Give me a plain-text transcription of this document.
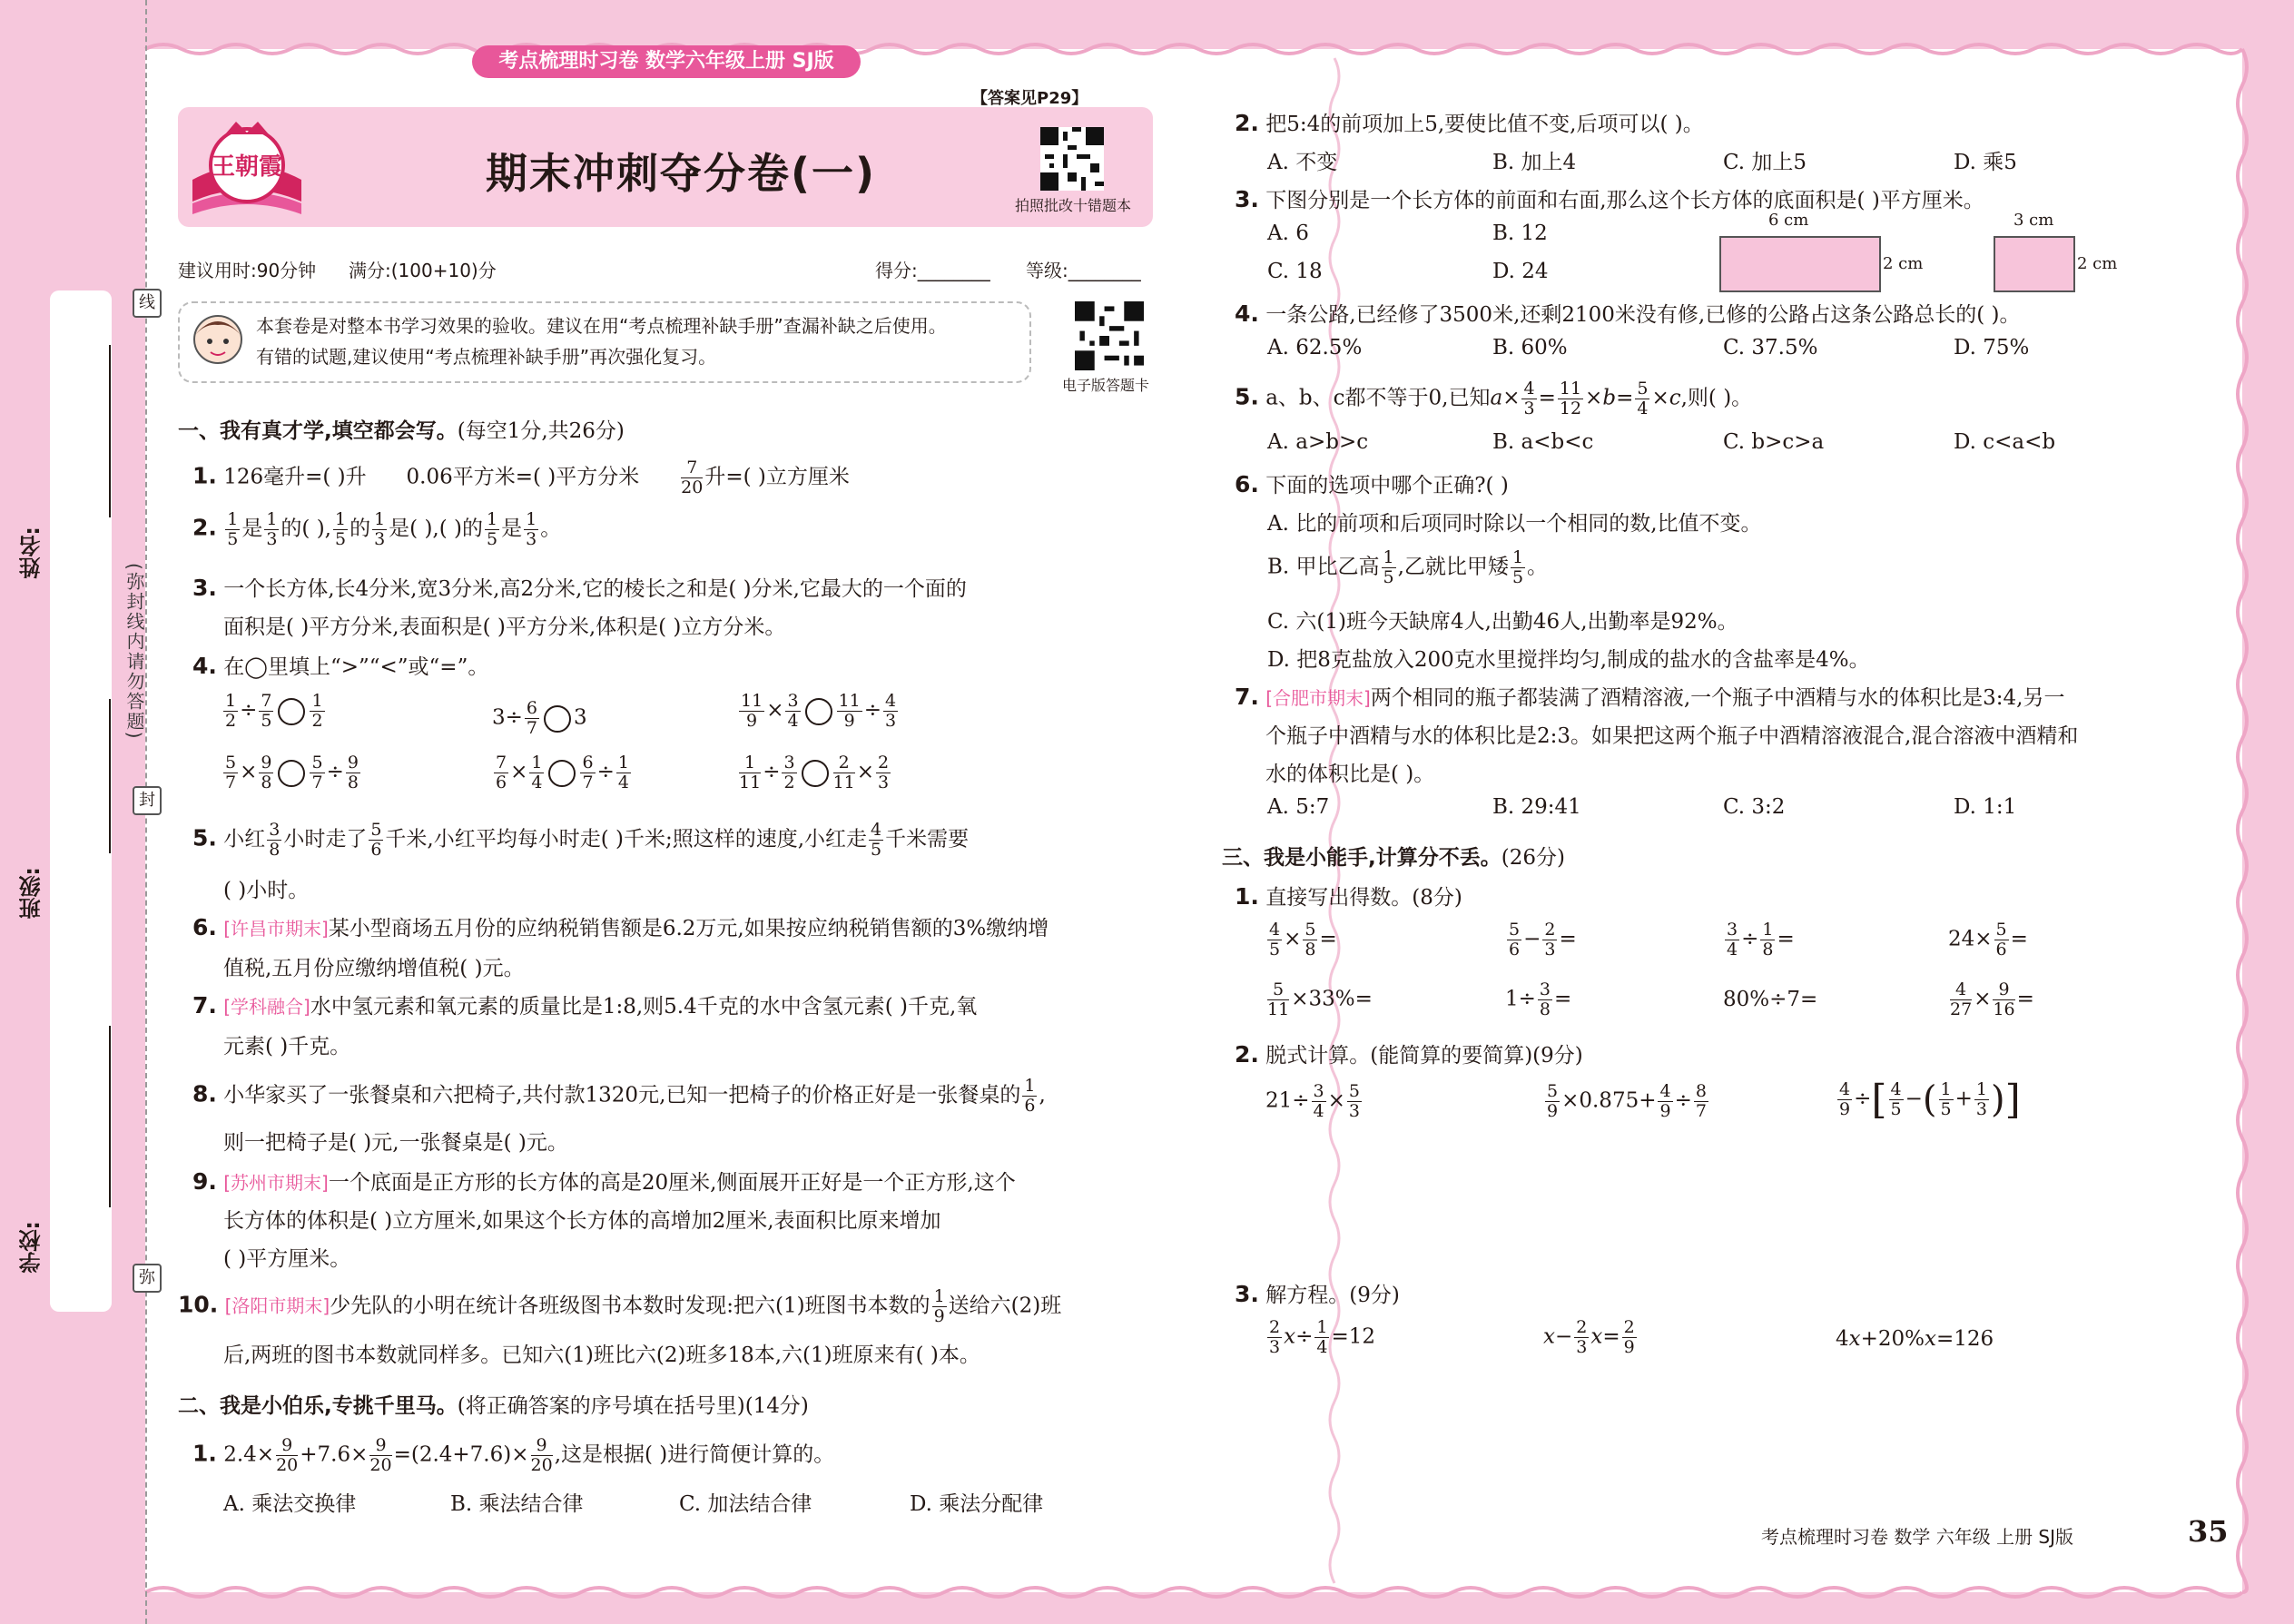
姓名:
班级:
学校:
线
封
弥
(弥封线内请勿答题)
考点梳理时习卷 数学六年级上册 SJ版
【答案见P29】
王朝霞	期末冲刺夺分卷(一)
拍照批改十错题本
建议用时:90分钟 满分:(100+10)分	得分:________ 等级:________
本套卷是对整本书学习效果的验收。建议在用“考点梳理补缺手册”查漏补缺之后使用。
有错的试题,建议使用“考点梳理补缺手册”再次强化复习。
电子版答题卡
一、我有真才学,填空都会写。(每空1分,共26分)
1. 126毫升=( )升 0.06平方米=( )平方分米 $\frac{7}{20}$ 升=( )立方厘米
2. $\frac{1}{5}$ 是 $\frac{1}{3}$ 的( ), $\frac{1}{5}$ 的 $\frac{1}{3}$ 是( ),( )的 $\frac{1}{5}$ 是 $\frac{1}{3}$ 。
3. 一个长方体,长4分米,宽3分米,高2分米,它的棱长之和是( )分米,它最大的一个面的
面积是( )平方分米,表面积是( )平方分米,体积是( )立方分米。
4. 在◯里填上“>”“<”或“=”。
$\frac{1}{2} \div \frac{7}{5} \frac{1}{2}$	$3\div \frac{6}{7} 3$	$\frac{11}{9} \times \frac{3}{4} \frac{11}{9} \div \frac{4}{3}$
$\frac{5}{7} \times \frac{9}{8} \frac{5}{7} \div \frac{9}{8}$	$\frac{7}{6} \times \frac{1}{4} \frac{6}{7} \div \frac{1}{4}$	$\frac{1}{11} \div \frac{3}{2} \frac{2}{11} \times \frac{2}{3}$
5. 小红 $\frac{3}{8}$ 小时走了 $\frac{5}{6}$ 千米,小红平均每小时走( )千米;照这样的速度,小红走 $\frac{4}{5}$ 千米需要
( )小时。
6. [许昌市期末]某小型商场五月份的应纳税销售额是6.2万元,如果按应纳税销售额的3%缴纳增
值税,五月份应缴纳增值税( )元。
7. [学科融合]水中氢元素和氧元素的质量比是1:8,则5.4千克的水中含氢元素( )千克,氧
元素( )千克。
8. 小华家买了一张餐桌和六把椅子,共付款1320元,已知一把椅子的价格正好是一张餐桌的 $\frac{1}{6}$ ,
则一把椅子是( )元,一张餐桌是( )元。
9. [苏州市期末]一个底面是正方形的长方体的高是20厘米,侧面展开正好是一个正方形,这个
长方体的体积是( )立方厘米,如果这个长方体的高增加2厘米,表面积比原来增加
( )平方厘米。
10. [洛阳市期末]少先队的小明在统计各班级图书本数时发现:把六(1)班图书本数的 $\frac{1}{9}$ 送给六(2)班
后,两班的图书本数就同样多。已知六(1)班比六(2)班多18本,六(1)班原来有( )本。
二、我是小伯乐,专挑千里马。(将正确答案的序号填在括号里)(14分)
1. $2.4\times \frac{9}{20} +7.6\times \frac{9}{20} =(2.4+7.6)\times \frac{9}{20}$ ,这是根据( )进行简便计算的。
A. 乘法交换律	B. 乘法结合律	C. 加法结合律	D. 乘法分配律
2. 把5:4的前项加上5,要使比值不变,后项可以( )。
A. 不变	B. 加上4	C. 加上5	D. 乘5
3. 下图分别是一个长方体的前面和右面,那么这个长方体的底面积是( )平方厘米。
A. 6	B. 12
C. 18	D. 24
6 cm
2 cm
3 cm
2 cm
4. 一条公路,已经修了3500米,还剩2100米没有修,已修的公路占这条公路总长的( )。
A. 62.5%	B. 60%	C. 37.5%	D. 75%
5. a、b、c都不等于0,已知$a\times \frac{4}{3} = \frac{11}{12} \times b= \frac{5}{4} \times c$,则( )。
A. a>b>c	B. a<b<c	C. b>c>a	D. c<a<b
6. 下面的选项中哪个正确?( )
A. 比的前项和后项同时除以一个相同的数,比值不变。
B. 甲比乙高 $\frac{1}{5}$ ,乙就比甲矮 $\frac{1}{5}$ 。
C. 六(1)班今天缺席4人,出勤46人,出勤率是92%。
D. 把8克盐放入200克水里搅拌均匀,制成的盐水的含盐率是4%。
7. [合肥市期末]两个相同的瓶子都装满了酒精溶液,一个瓶子中酒精与水的体积比是3:4,另一
个瓶子中酒精与水的体积比是2:3。如果把这两个瓶子中酒精溶液混合,混合溶液中酒精和
水的体积比是( )。
A. 5:7	B. 29:41	C. 3:2	D. 1:1
三、我是小能手,计算分不丢。(26分)
1. 直接写出得数。(8分)
$\frac{4}{5} \times \frac{5}{8}$ =	$\frac{5}{6} - \frac{2}{3}$ =	$\frac{3}{4} \div \frac{1}{8}$ =	$24\times \frac{5}{6}$ =
$\frac{5}{11} \times 33\%=$	$1\div \frac{3}{8}$ =	80%÷7=	$\frac{4}{27} \times \frac{9}{16}$ =
2. 脱式计算。(能简算的要简算)(9分)
$21\div \frac{3}{4} \times \frac{5}{3}$	$\frac{5}{9} \times 0.875+ \frac{4}{9} \div \frac{8}{7}$	$\frac{4}{9}$ ÷[ $\frac{4}{5}$ −( $\frac{1}{5} + \frac{1}{3}$ )]
3. 解方程。(9分)
$\frac{2}{3} x\div \frac{1}{4} =12$	$x- \frac{2}{3} x= \frac{2}{9}$	4x+20%x=126
考点梳理时习卷 数学 六年级 上册 SJ版	35
